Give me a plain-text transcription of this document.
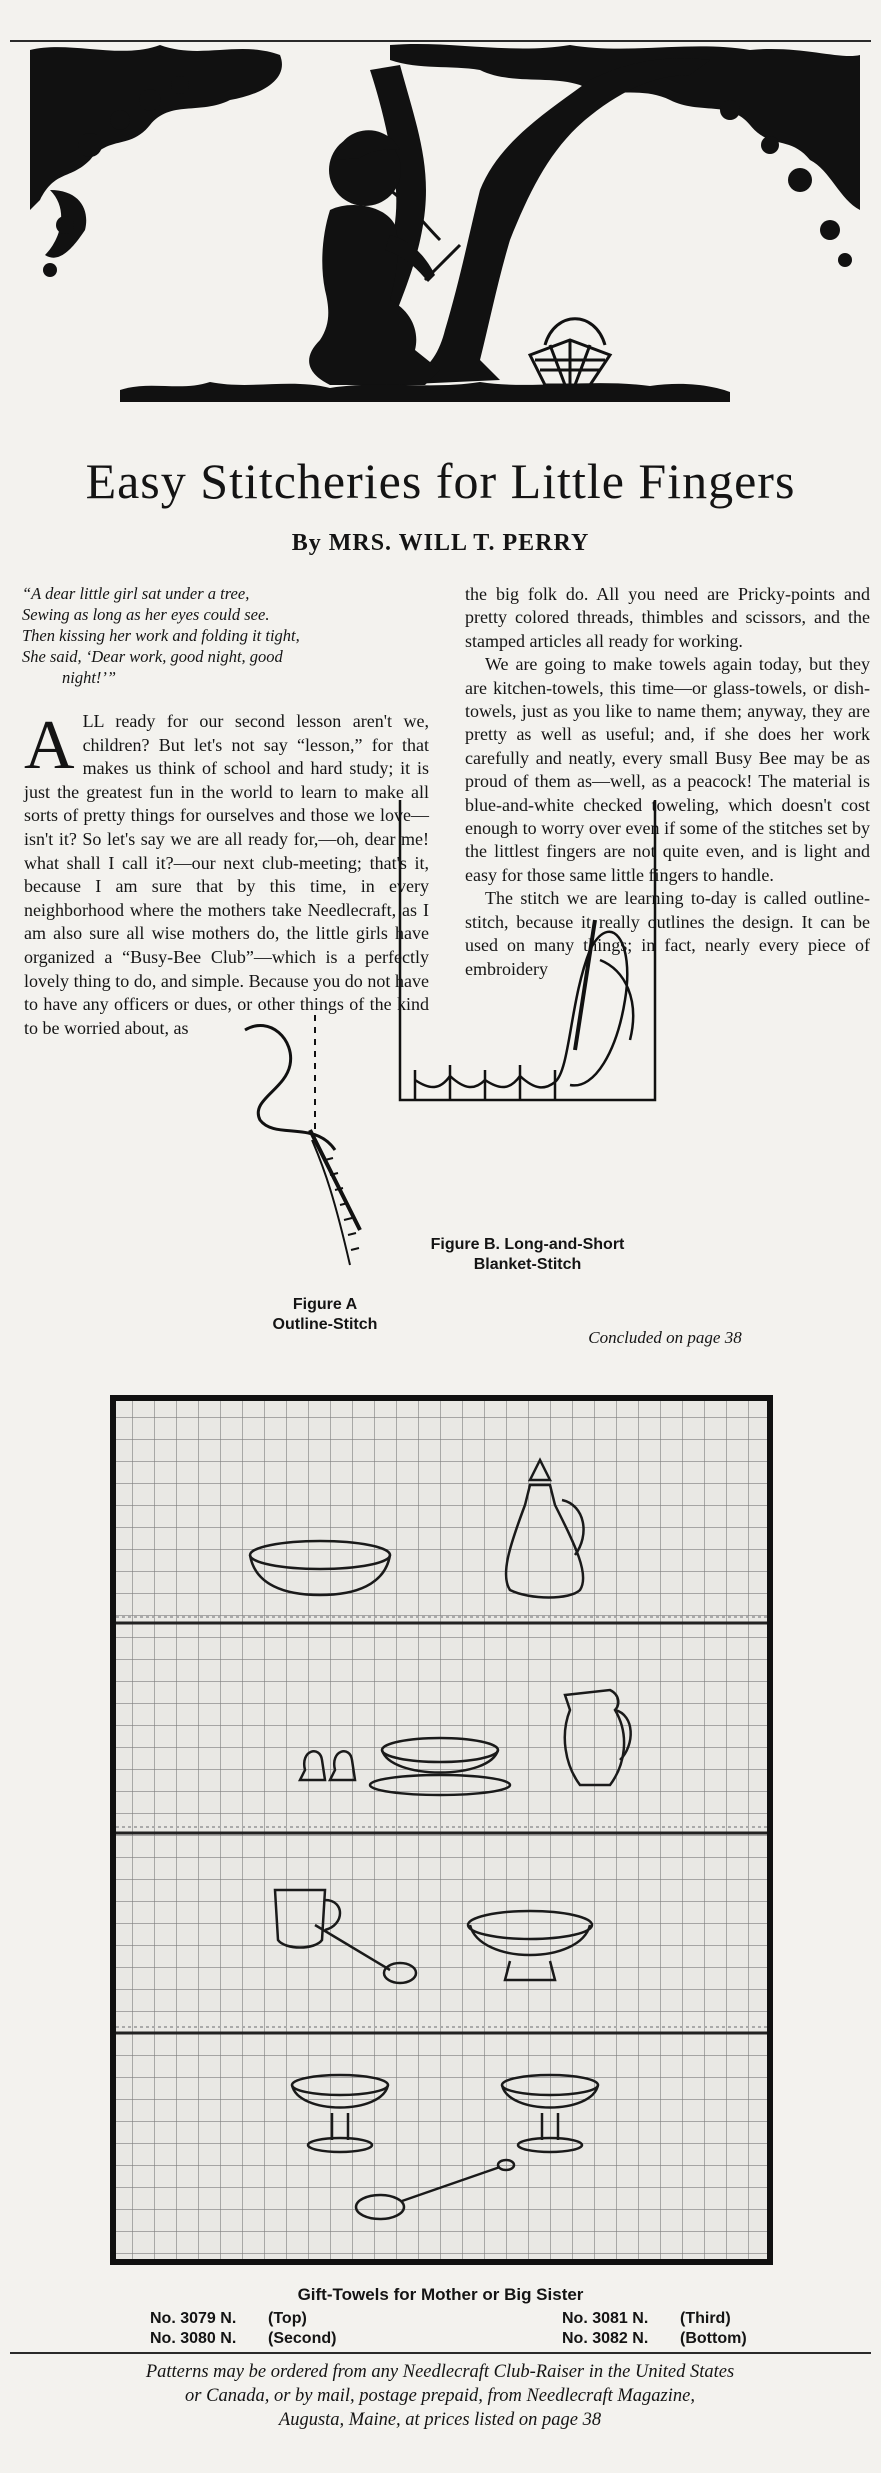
Easy Stitcheries for Little Fingers
By MRS. WILL T. PERRY
“A dear little girl sat under a tree,
Sewing as long as her eyes could see.
Then kissing her work and folding it tight,
She said, ‘Dear work, good night, good
night!’”
A LL ready for our second lesson aren't we, children? But let's not say “lesson,” for that makes us think of school and hard study; it is just the greatest fun in the world to learn to make all sorts of pretty things for ourselves and those we love—isn't it? So let's say we are all ready for,—oh, dear me! what shall I call it?—our next club-meeting; that's it, because I am sure that by this time, in every neighborhood where the mothers take Needlecraft, as I am also sure all wise mothers do, the little girls have organized a “Busy-Bee Club”—which is a perfectly lovely thing to do, and simple. Because you do not have to have any officers or dues, or other things of the kind to be worried about, as

the big folk do. All you need are Pricky-points and pretty colored threads, thimbles and scissors, and the stamped articles all ready for working.

We are going to make towels again today, but they are kitchen-towels, this time—or glass-towels, or dish-towels, just as you like to name them; anyway, they are pretty as well as useful; and, if she does her work carefully and neatly, every small Busy Bee may be as proud of them as—well, as a peacock! The material is blue-and-white checked toweling, which doesn't cost enough to worry over even if some of the stitches set by the littlest fingers are not quite even, and is light and easy for those same little fingers to handle.

The stitch we are learning to-day is called outline-stitch, because it really outlines the design. It can be used on many things; in fact, nearly every piece of embroidery

Figure A
Outline-Stitch
Figure B. Long-and-Short
Blanket-Stitch
Concluded on page 38
Gift-Towels for Mother or Big Sister
No. 3079 N. (Top)
No. 3080 N. (Second)
No. 3081 N. (Third)
No. 3082 N. (Bottom)
Patterns may be ordered from any Needlecraft Club-Raiser in the United States
or Canada, or by mail, postage prepaid, from Needlecraft Magazine,
Augusta, Maine, at prices listed on page 38
